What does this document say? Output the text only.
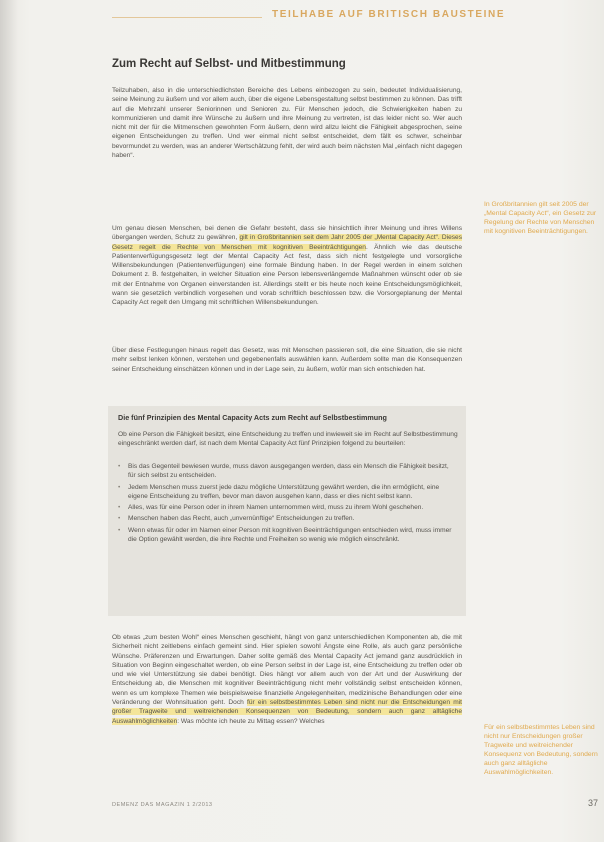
TEILHABE AUF BRITISCH BAUSTEINE
Zum Recht auf Selbst- und Mitbestimmung

Teilzuhaben, also in die unterschiedlichsten Bereiche des Lebens einbezogen zu sein, bedeutet Individualisierung, seine Meinung zu äußern und vor allem auch, über die eigene Lebensgestaltung selbst bestimmen zu können. Das trifft auf die Mehrzahl unserer Seniorinnen und Senioren zu. Für Menschen jedoch, die Schwierigkeiten haben zu kommunizieren und damit ihre Wünsche zu äußern und ihre Meinung zu vertreten, ist das leider nicht so. Wer auch nicht mit der für die Mitmenschen gewohnten Form äußern, denn wird allzu leicht die Fähigkeit abgesprochen, seine eigenen Entscheidungen zu treffen. Und wer einmal nicht selbst entscheidet, dem fällt es schwer, scheinbar bevormundet zu werden, was an anderer Wertschätzung fehlt, der wird auch beim nächsten Mal „einfach nicht dagegen haben“.

Um genau diesen Menschen, bei denen die Gefahr besteht, dass sie hinsichtlich ihrer Meinung und ihres Willens übergangen werden, Schutz zu gewähren, gilt in Großbritannien seit dem Jahr 2005 der „Mental Capacity Act“. Dieses Gesetz regelt die Rechte von Menschen mit kognitiven Beeinträchtigungen. Ähnlich wie das deutsche Patientenverfügungsgesetz legt der Mental Capacity Act fest, dass sich nicht festgelegte und vorsorgliche Willensbekundungen (Patientenverfügungen) eine formale Bindung haben. In der Regel werden in einem solchen Dokument z. B. festgehalten, in welcher Situation eine Person lebensverlängernde Maßnahmen wünscht oder ob sie mit der Entnahme von Organen einverstanden ist. Allerdings stellt er bis heute noch keine Entscheidungsmöglichkeit, wann sie gesetzlich verbindlich vorgesehen und vorab schriftlich beschlossen bzw. die Vorsorgeplanung der Mental Capacity Act regelt den Umgang mit schriftlichen Willensbekundungen.

Über diese Festlegungen hinaus regelt das Gesetz, was mit Menschen passieren soll, die eine Situation, die sie nicht mehr selbst lenken können, verstehen und gegebenenfalls auswählen kann. Außerdem sollte man die Konsequenzen seiner Entscheidung einschätzen können und in der Lage sein, zu äußern, wofür man sich entschieden hat.

Die fünf Prinzipien des Mental Capacity Acts zum Recht auf Selbstbestimmung

Ob eine Person die Fähigkeit besitzt, eine Entscheidung zu treffen und inwieweit sie im Recht auf Selbstbestimmung eingeschränkt werden darf, ist nach dem Mental Capacity Act fünf Prinzipien folgend zu beurteilen:

• Bis das Gegenteil bewiesen wurde, muss davon ausgegangen werden, dass ein Mensch die Fähigkeit besitzt, für sich selbst zu entscheiden.
• Jedem Menschen muss zuerst jede dazu mögliche Unterstützung gewährt werden, die ihn ermöglicht, eine eigene Entscheidung zu treffen, bevor man davon ausgehen kann, dass er dies nicht selbst kann.
• Alles, was für eine Person oder in ihrem Namen unternommen wird, muss zu ihrem Wohl geschehen.
• Menschen haben das Recht, auch „unvernünftige“ Entscheidungen zu treffen.
• Wenn etwas für oder im Namen einer Person mit kognitiven Beeinträchtigungen entschieden wird, muss immer die Option gewählt werden, die ihre Rechte und Freiheiten so wenig wie möglich einschränkt.

Ob etwas „zum besten Wohl“ eines Menschen geschieht, hängt von ganz unterschiedlichen Komponenten ab, die mit Sicherheit nicht zeitlebens einfach gemeint sind. Hier spielen sowohl Ängste eine Rolle, als auch ganz persönliche Wünsche. Präferenzen und Erwartungen. Daher sollte gemäß des Mental Capacity Act jemand ganz ausdrücklich in Situation von Beginn eingeschaltet werden, ob eine Person selbst in der Lage ist, eine Entscheidung zu treffen oder ob und wie viel Unterstützung sie dabei benötigt. Dies hängt vor allem auch von der Art und der Auswirkung der Entscheidung ab, die Menschen mit kognitiver Beeinträchtigung nicht mehr vollständig selbst entscheiden können, wenn es um komplexe Themen wie beispielsweise finanzielle Angelegenheiten, medizinische Behandlungen oder eine Veränderung der Wohnsituation geht. Doch für ein selbstbestimmtes Leben sind nicht nur die Entscheidungen mit großer Tragweite und weitreichenden Konsequenzen von Bedeutung, sondern auch ganz alltägliche Auswahlmöglichkeiten: Was möchte ich heute zu Mittag essen? Welches

In Großbritannien gilt seit 2005 der „Mental Capacity Act“, ein Gesetz zur Regelung der Rechte von Menschen mit kognitiven Beeinträchtigungen.

Für ein selbstbestimmtes Leben sind nicht nur Entscheidungen großer Tragweite und weitreichender Konsequenz von Bedeutung, sondern auch ganz alltägliche Auswahlmöglichkeiten.

DEMENZ DAS MAGAZIN 1 2/2013	37
